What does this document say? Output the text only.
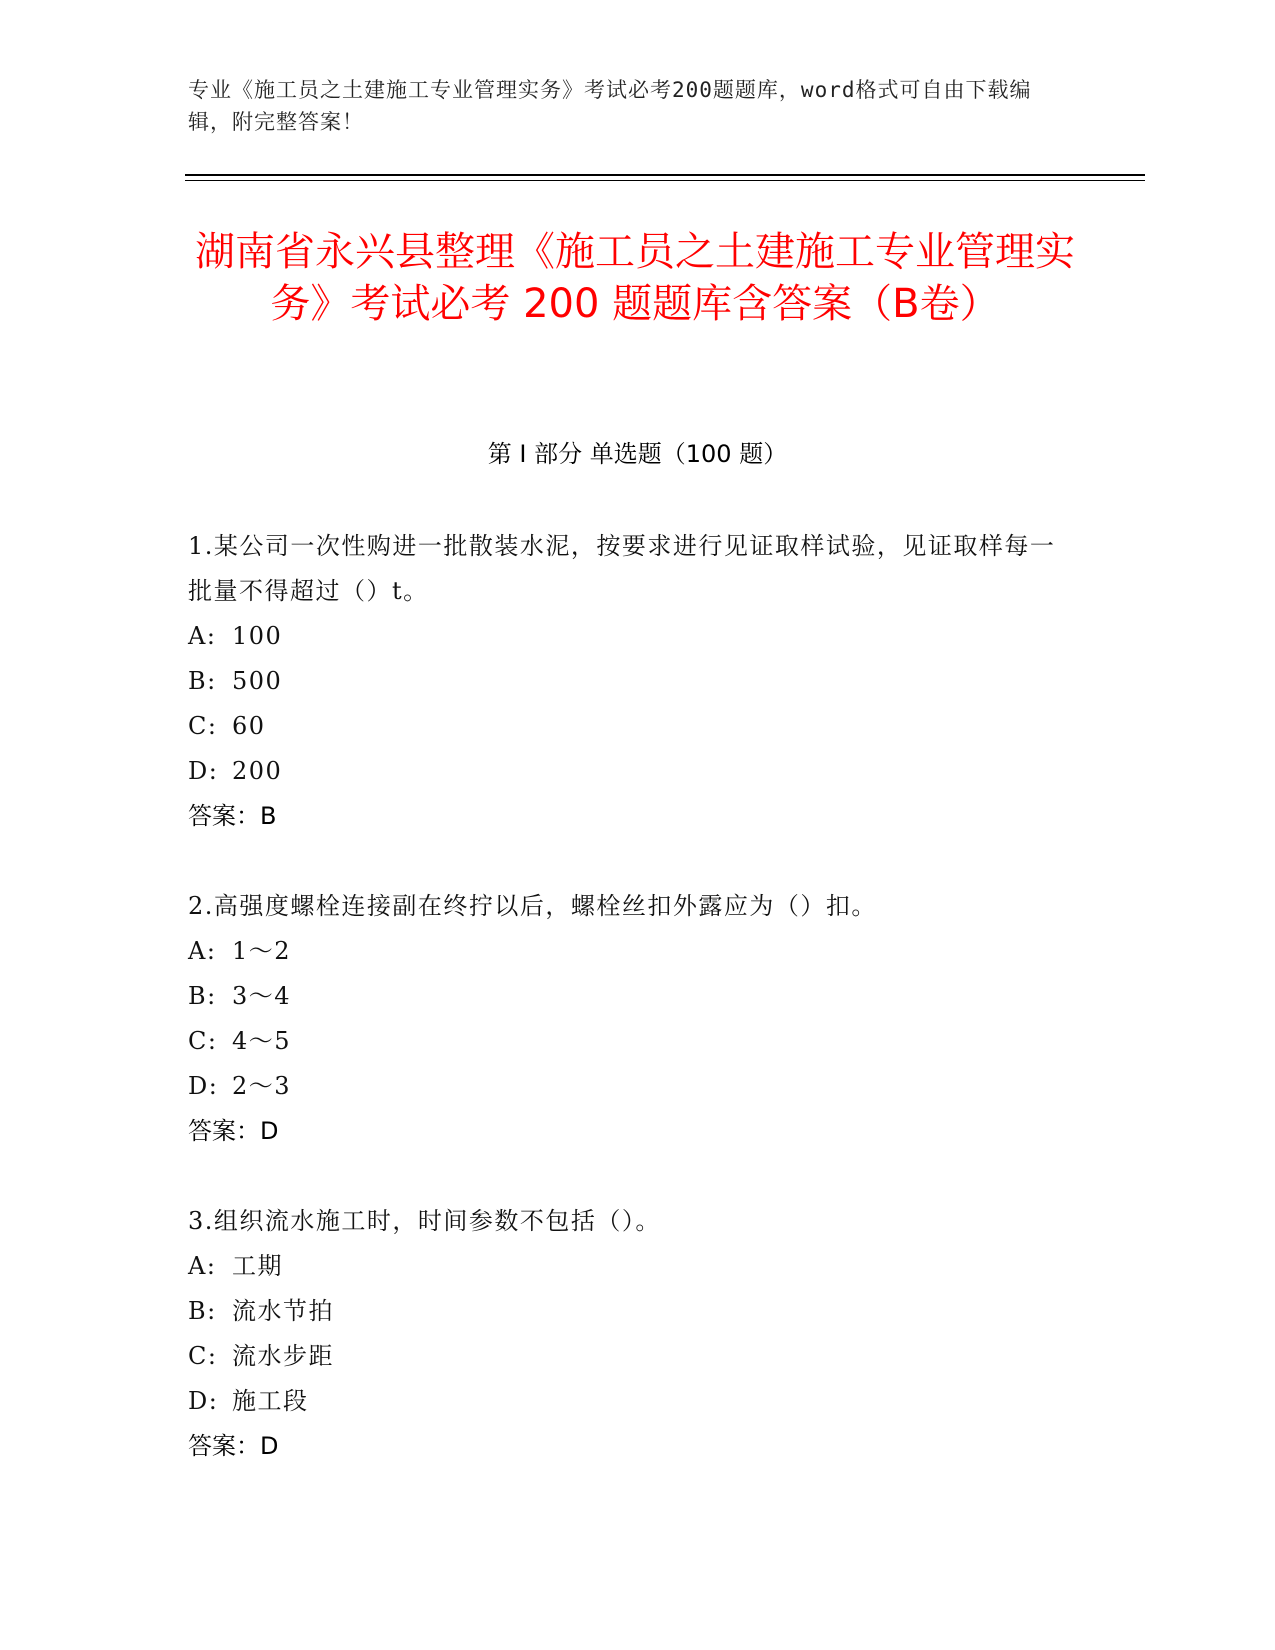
专业《施工员之土建施工专业管理实务》考试必考200题题库，word格式可自由下载编辑，附完整答案！
湖南省永兴县整理《施工员之土建施工专业管理实务》考试必考 200 题题库含答案（B卷）
第 I 部分 单选题（100 题）
1.某公司一次性购进一批散装水泥，按要求进行见证取样试验，见证取样每一批量不得超过（）t。
A: 100
B: 500
C: 60
D: 200
答案：B
2.高强度螺栓连接副在终拧以后，螺栓丝扣外露应为（）扣。
A: 1～2
B: 3～4
C: 4～5
D: 2～3
答案：D
3.组织流水施工时，时间参数不包括（）。
A: 工期
B: 流水节拍
C: 流水步距
D: 施工段
答案：D
